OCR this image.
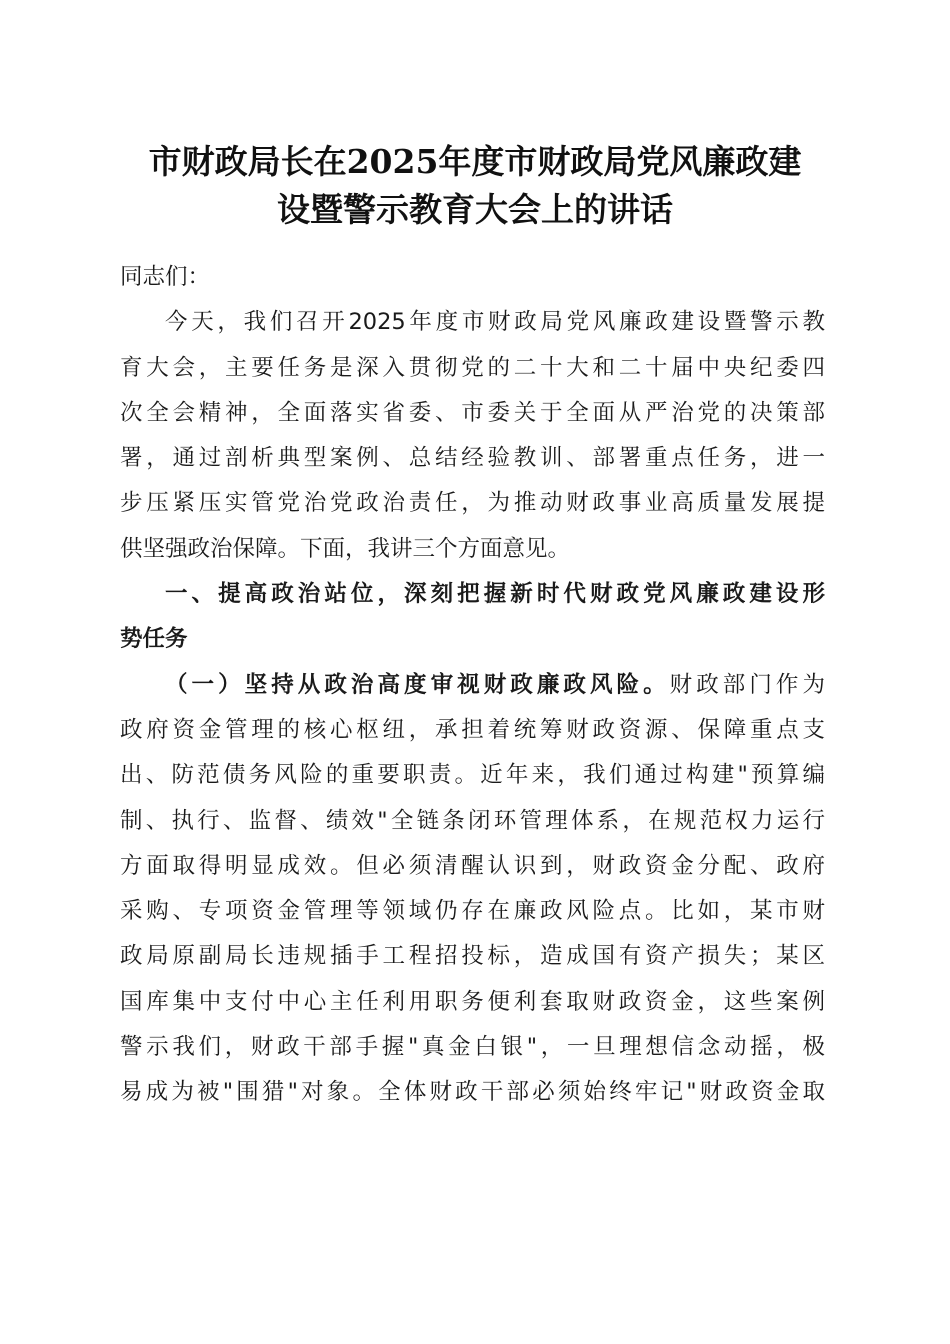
市财政局长在2025年度市财政局党风廉政建
设暨警示教育大会上的讲话
同志们：
今天，我们召开2025年度市财政局党风廉政建设暨警示教
育大会，主要任务是深入贯彻党的二十大和二十届中央纪委四
次全会精神，全面落实省委、市委关于全面从严治党的决策部
署，通过剖析典型案例、总结经验教训、部署重点任务，进一
步压紧压实管党治党政治责任，为推动财政事业高质量发展提
供坚强政治保障。下面，我讲三个方面意见。
一、提高政治站位，深刻把握新时代财政党风廉政建设形
势任务
（一）坚持从政治高度审视财政廉政风险。财政部门作为
政府资金管理的核心枢纽，承担着统筹财政资源、保障重点支
出、防范债务风险的重要职责。近年来，我们通过构建"预算编
制、执行、监督、绩效"全链条闭环管理体系，在规范权力运行
方面取得明显成效。但必须清醒认识到，财政资金分配、政府
采购、专项资金管理等领域仍存在廉政风险点。比如，某市财
政局原副局长违规插手工程招投标，造成国有资产损失；某区
国库集中支付中心主任利用职务便利套取财政资金，这些案例
警示我们，财政干部手握"真金白银"，一旦理想信念动摇，极
易成为被"围猎"对象。全体财政干部必须始终牢记"财政资金取
